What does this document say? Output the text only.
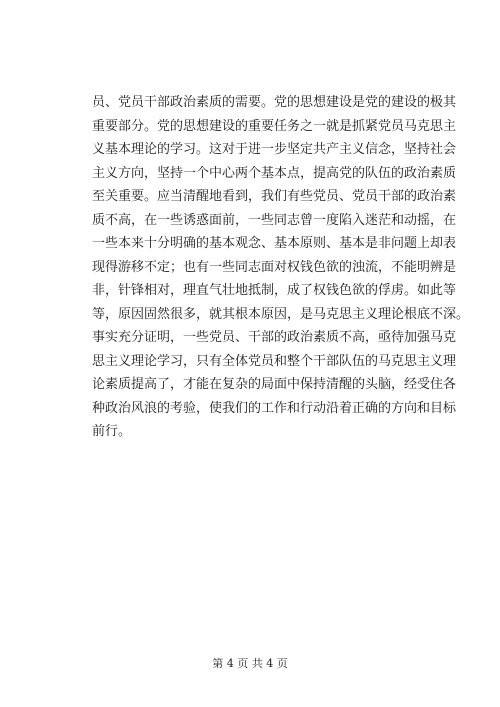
员、党员干部政治素质的需要。党的思想建设是党的建设的极其
重要部分。党的思想建设的重要任务之一就是抓紧党员马克思主
义基本理论的学习。这对于进一步坚定共产主义信念，坚持社会
主义方向，坚持一个中心两个基本点，提高党的队伍的政治素质
至关重要。应当清醒地看到，我们有些党员、党员干部的政治素
质不高，在一些诱惑面前，一些同志曾一度陷入迷茫和动摇，在
一些本来十分明确的基本观念、基本原则、基本是非问题上却表
现得游移不定；也有一些同志面对权钱色欲的浊流，不能明辨是
非，针锋相对，理直气壮地抵制，成了权钱色欲的俘虏。如此等
等，原因固然很多，就其根本原因，是马克思主义理论根底不深。
事实充分证明，一些党员、干部的政治素质不高，亟待加强马克
思主义理论学习，只有全体党员和整个干部队伍的马克思主义理
论素质提高了，才能在复杂的局面中保持清醒的头脑，经受住各
种政治风浪的考验，使我们的工作和行动沿着正确的方向和目标
前行。
第 4 页 共 4 页
